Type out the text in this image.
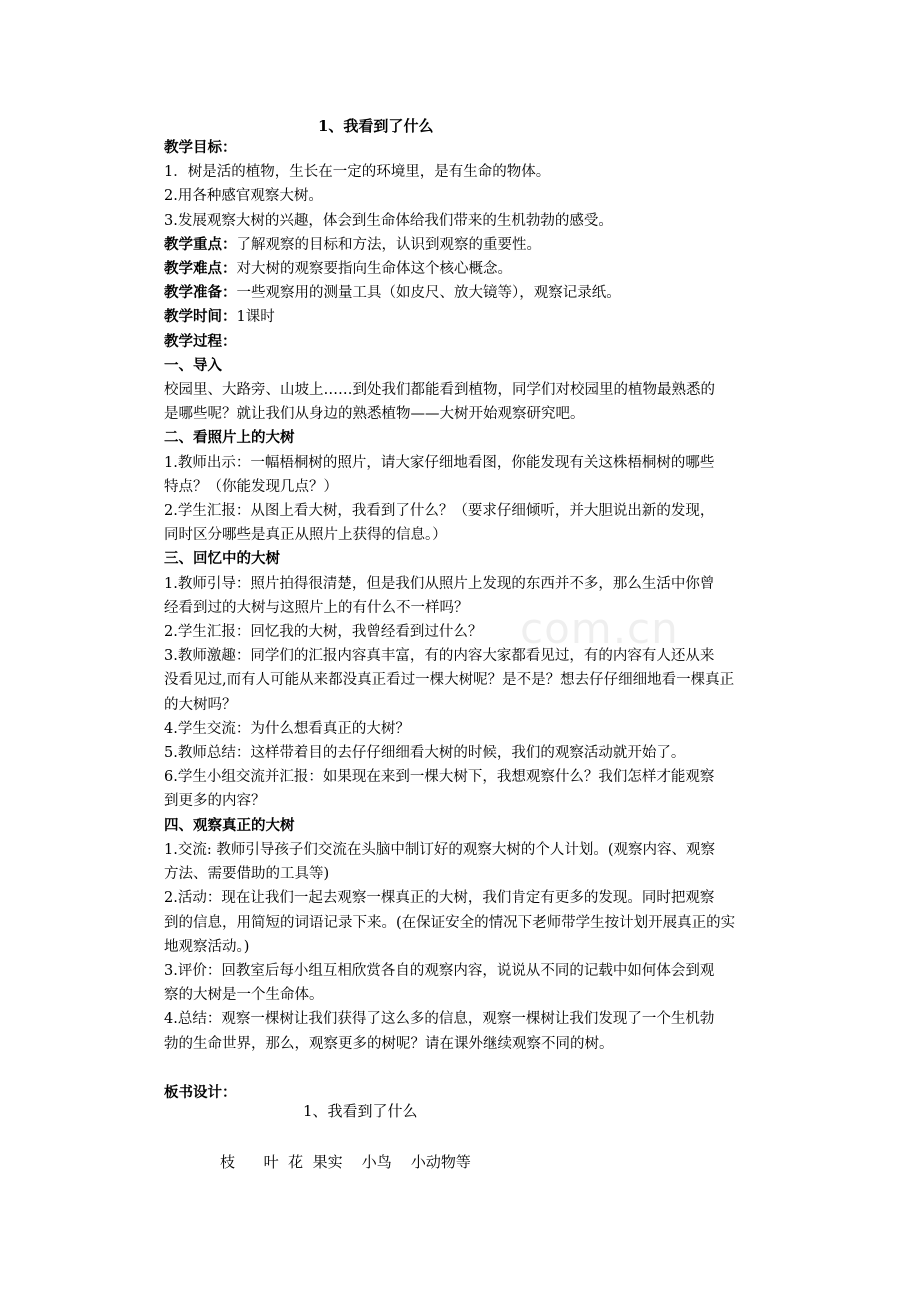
1、我看到了什么

教学目标：

1．树是活的植物，生长在一定的环境里，是有生命的物体。

2.用各种感官观察大树。

3.发展观察大树的兴趣，体会到生命体给我们带来的生机勃勃的感受。

教学重点：了解观察的目标和方法，认识到观察的重要性。

教学难点：对大树的观察要指向生命体这个核心概念。

教学准备：一些观察用的测量工具（如皮尺、放大镜等），观察记录纸。

教学时间：1课时

教学过程：

一、导入

校园里、大路旁、山坡上……到处我们都能看到植物，同学们对校园里的植物最熟悉的

是哪些呢？就让我们从身边的熟悉植物——大树开始观察研究吧。

二、看照片上的大树

1.教师出示：一幅梧桐树的照片，请大家仔细地看图，你能发现有关这株梧桐树的哪些

特点？（你能发现几点？）

2.学生汇报：从图上看大树，我看到了什么？（要求仔细倾听，并大胆说出新的发现，

同时区分哪些是真正从照片上获得的信息。）

三、回忆中的大树

1.教师引导：照片拍得很清楚，但是我们从照片上发现的东西并不多，那么生活中你曾

经看到过的大树与这照片上的有什么不一样吗？

2.学生汇报：回忆我的大树，我曾经看到过什么？

3.教师激趣：同学们的汇报内容真丰富，有的内容大家都看见过，有的内容有人还从来

没看见过,而有人可能从来都没真正看过一棵大树呢？是不是？想去仔仔细细地看一棵真正

的大树吗？

4.学生交流：为什么想看真正的大树？

5.教师总结：这样带着目的去仔仔细细看大树的时候，我们的观察活动就开始了。

6.学生小组交流并汇报：如果现在来到一棵大树下，我想观察什么？我们怎样才能观察

到更多的内容？

四、观察真正的大树

1.交流: 教师引导孩子们交流在头脑中制订好的观察大树的个人计划。(观察内容、观察

方法、需要借助的工具等)

2.活动：现在让我们一起去观察一棵真正的大树，我们肯定有更多的发现。同时把观察

到的信息，用简短的词语记录下来。(在保证安全的情况下老师带学生按计划开展真正的实

地观察活动。)

3.评价：回教室后每小组互相欣赏各自的观察内容，说说从不同的记载中如何体会到观

察的大树是一个生命体。

4.总结：观察一棵树让我们获得了这么多的信息，观察一棵树让我们发现了一个生机勃

勃的生命世界，那么，观察更多的树呢？请在课外继续观察不同的树。

com.cn
板书设计：
1、我看到了什么
枝      叶  花  果实    小鸟    小动物等
